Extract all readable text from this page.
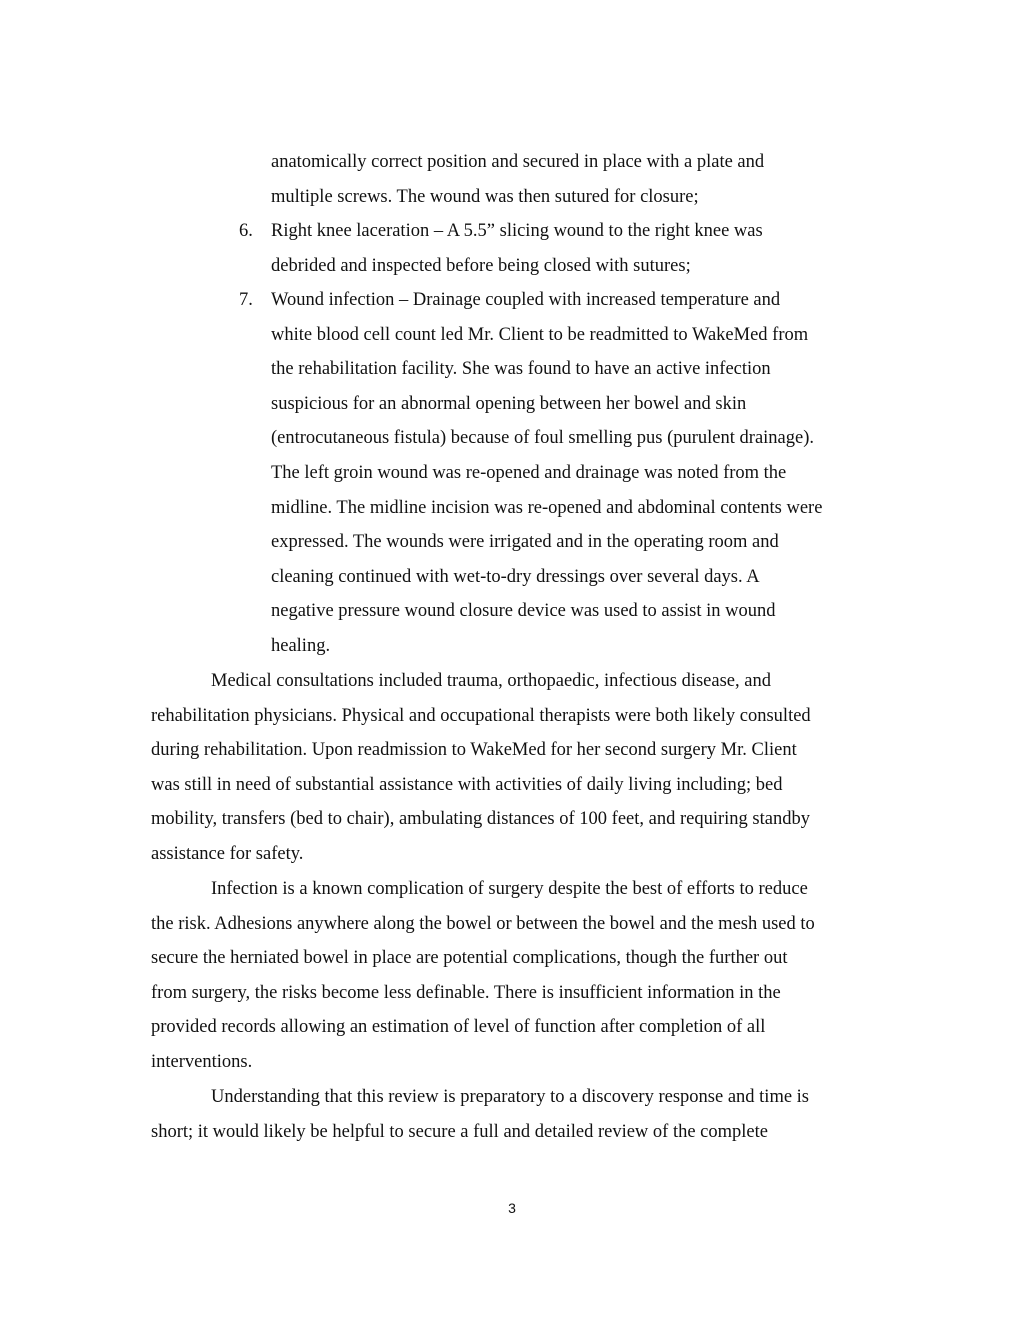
anatomically correct position and secured in place with a plate and
multiple screws. The wound was then sutured for closure;
6. Right knee laceration – A 5.5” slicing wound to the right knee was
debrided and inspected before being closed with sutures;
7. Wound infection – Drainage coupled with increased temperature and
white blood cell count led Mr. Client to be readmitted to WakeMed from
the rehabilitation facility. She was found to have an active infection
suspicious for an abnormal opening between her bowel and skin
(entrocutaneous fistula) because of foul smelling pus (purulent drainage).
The left groin wound was re-opened and drainage was noted from the
midline. The midline incision was re-opened and abdominal contents were
expressed. The wounds were irrigated and in the operating room and
cleaning continued with wet-to-dry dressings over several days. A
negative pressure wound closure device was used to assist in wound
healing.
Medical consultations included trauma, orthopaedic, infectious disease, and
rehabilitation physicians. Physical and occupational therapists were both likely consulted
during rehabilitation. Upon readmission to WakeMed for her second surgery Mr. Client
was still in need of substantial assistance with activities of daily living including; bed
mobility, transfers (bed to chair), ambulating distances of 100 feet, and requiring standby
assistance for safety.
Infection is a known complication of surgery despite the best of efforts to reduce
the risk. Adhesions anywhere along the bowel or between the bowel and the mesh used to
secure the herniated bowel in place are potential complications, though the further out
from surgery, the risks become less definable. There is insufficient information in the
provided records allowing an estimation of level of function after completion of all
interventions.
Understanding that this review is preparatory to a discovery response and time is
short; it would likely be helpful to secure a full and detailed review of the complete
3
